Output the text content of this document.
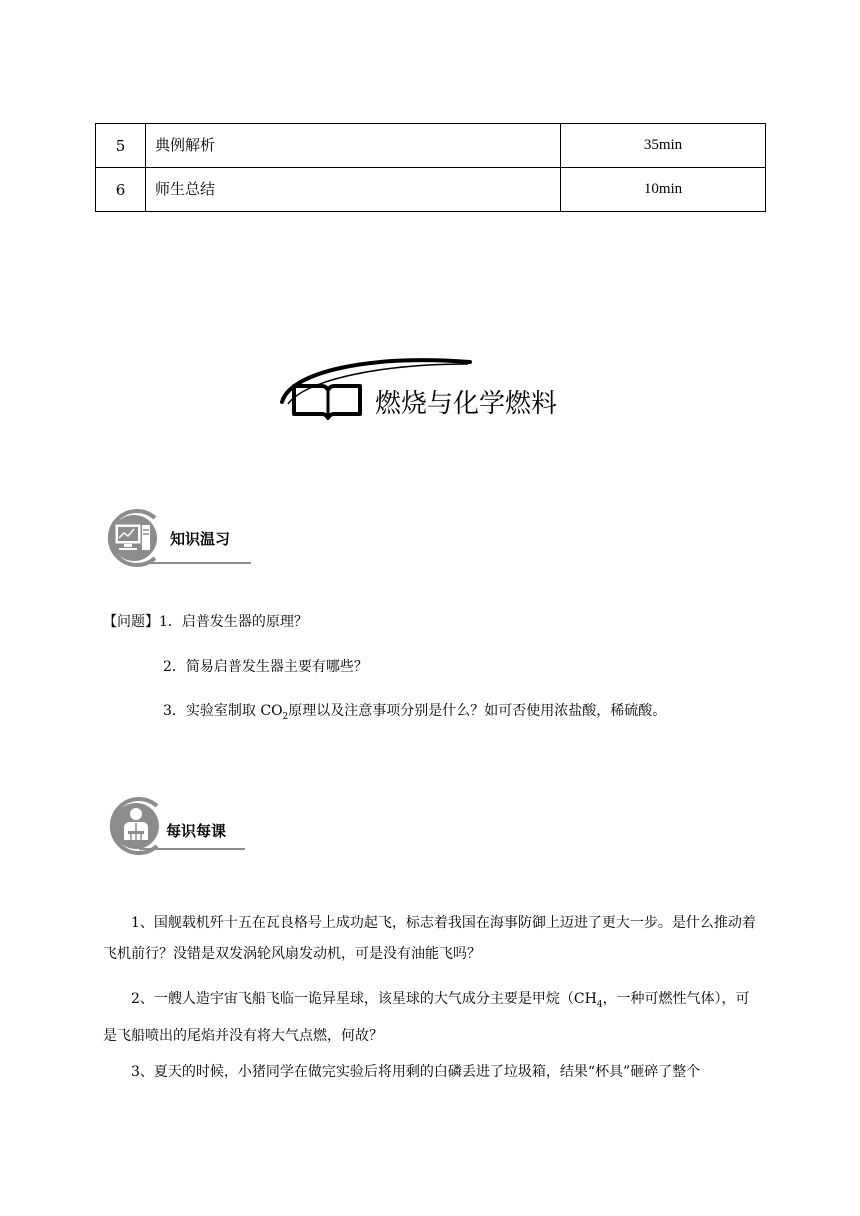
5	典例解析	35min
6	师生总结	10min
燃烧与化学燃料
知识温习
【问题】1．启普发生器的原理？
2．简易启普发生器主要有哪些？
3．实验室制取 $CO_2$原理以及注意事项分别是什么？如可否使用浓盐酸，稀硫酸。
每识每课
1、国舰载机歼十五在瓦良格号上成功起飞，标志着我国在海事防御上迈进了更大一步。是什么推动着飞机前行？没错是双发涡轮风扇发动机，可是没有油能飞吗？
2、一艘人造宇宙飞船飞临一诡异星球，该星球的大气成分主要是甲烷（$CH_4$，一种可燃性气体），可是飞船喷出的尾焰并没有将大气点燃，何故？
3、夏天的时候，小猪同学在做完实验后将用剩的白磷丢进了垃圾箱，结果“杯具”砸碎了整个
